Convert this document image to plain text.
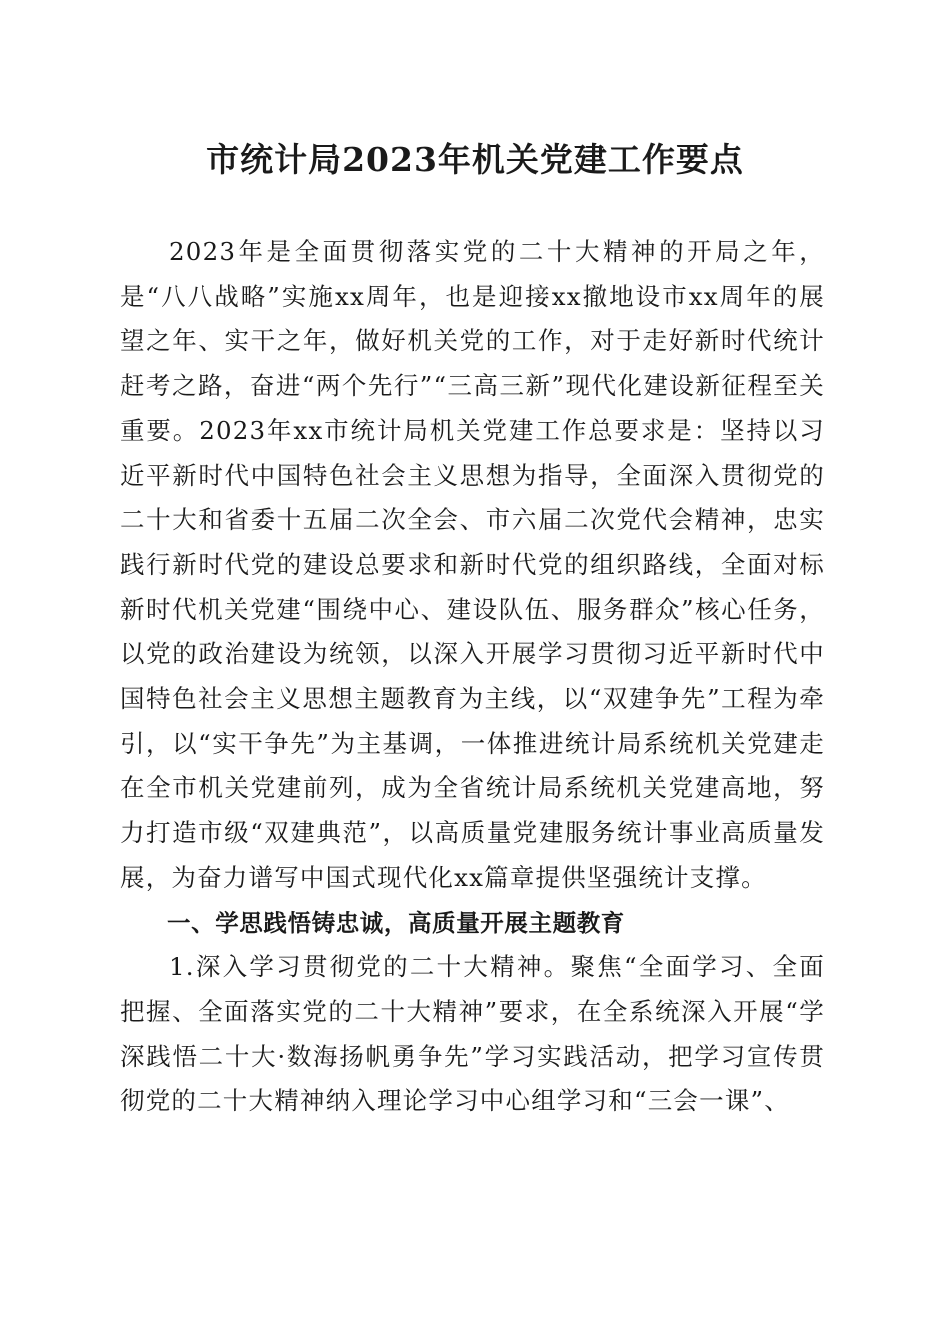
市统计局2023年机关党建工作要点

2023年是全面贯彻落实党的二十大精神的开局之年，是“八八战略”实施xx周年，也是迎接xx撤地设市xx周年的展望之年、实干之年，做好机关党的工作，对于走好新时代统计赶考之路，奋进“两个先行”“三高三新”现代化建设新征程至关重要。2023年xx市统计局机关党建工作总要求是：坚持以习近平新时代中国特色社会主义思想为指导，全面深入贯彻党的二十大和省委十五届二次全会、市六届二次党代会精神，忠实践行新时代党的建设总要求和新时代党的组织路线，全面对标新时代机关党建“围绕中心、建设队伍、服务群众”核心任务，以党的政治建设为统领，以深入开展学习贯彻习近平新时代中国特色社会主义思想主题教育为主线，以“双建争先”工程为牵引，以“实干争先”为主基调，一体推进统计局系统机关党建走在全市机关党建前列，成为全省统计局系统机关党建高地，努力打造市级“双建典范”，以高质量党建服务统计事业高质量发展，为奋力谱写中国式现代化xx篇章提供坚强统计支撑。

一、学思践悟铸忠诚，高质量开展主题教育

1.深入学习贯彻党的二十大精神。聚焦“全面学习、全面把握、全面落实党的二十大精神”要求，在全系统深入开展“学深践悟二十大·数海扬帆勇争先”学习实践活动，把学习宣传贯彻党的二十大精神纳入理论学习中心组学习和“三会一课”、
